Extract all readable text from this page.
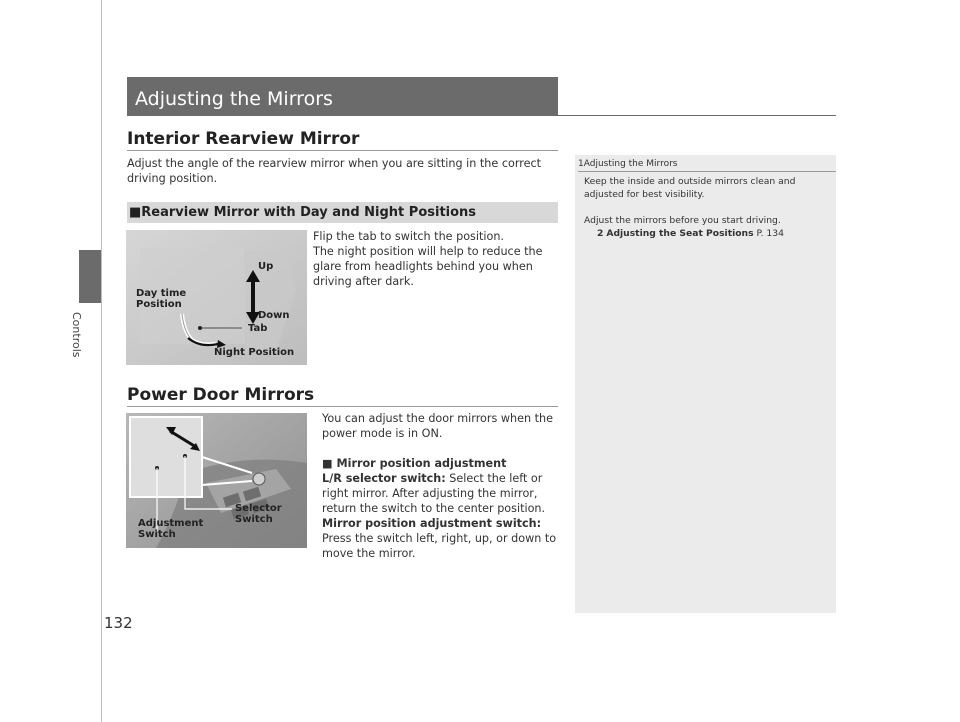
Controls
132
Adjusting the Mirrors
Interior Rearview Mirror
Adjust the angle of the rearview mirror when you are sitting in the correct driving position.
■Rearview Mirror with Day and Night Positions
Flip the tab to switch the position.
The night position will help to reduce the glare from headlights behind you when driving after dark.
Up
Down
Day time
Position
Tab
Night Position
Power Door Mirrors
You can adjust the door mirrors when the power mode is in ON.
■ Mirror position adjustment
L/R selector switch: Select the left or right mirror. After adjusting the mirror, return the switch to the center position.
Mirror position adjustment switch: Press the switch left, right, up, or down to move the mirror.
Selector
Switch
Adjustment
Switch
1Adjusting the Mirrors
Keep the inside and outside mirrors clean and
adjusted for best visibility.
Adjust the mirrors before you start driving.
2 Adjusting the Seat Positions P. 134
